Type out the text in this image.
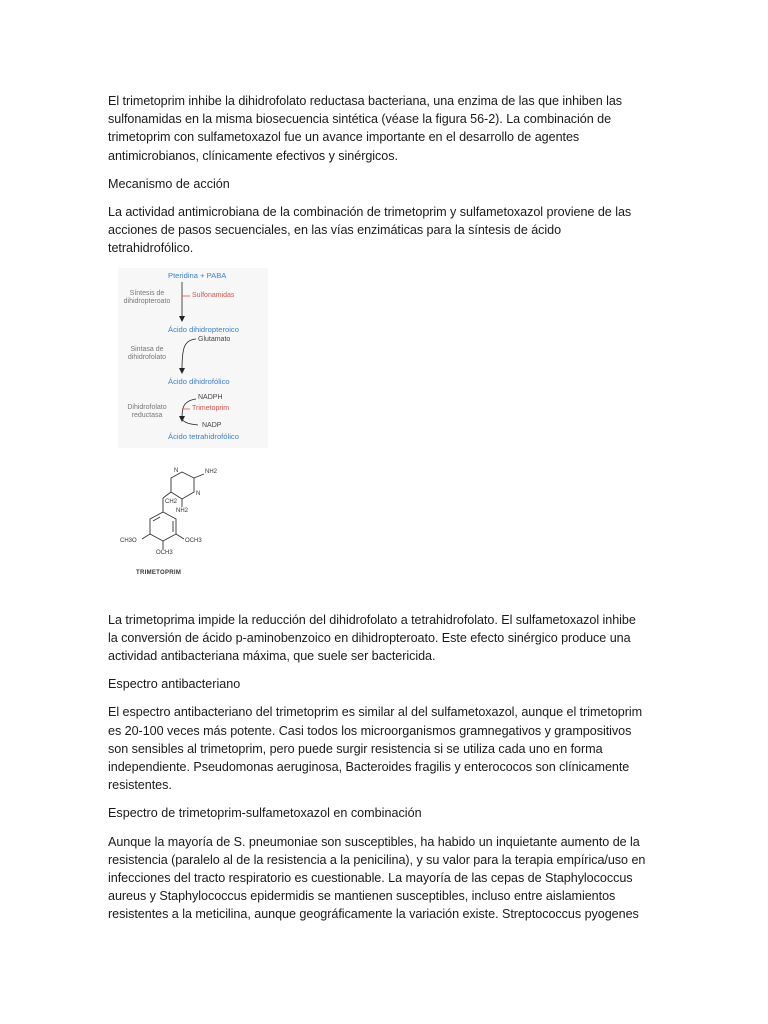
El trimetoprim inhibe la dihidrofolato reductasa bacteriana, una enzima de las que inhiben las sulfonamidas en la misma biosecuencia sintética (véase la figura 56-2). La combinación de trimetoprim con sulfametoxazol fue un avance importante en el desarrollo de agentes antimicrobianos, clínicamente efectivos y sinérgicos.

Mecanismo de acción

La actividad antimicrobiana de la combinación de trimetoprim y sulfametoxazol proviene de las acciones de pasos secuenciales, en las vías enzimáticas para la síntesis de ácido tetrahidrofólico.

Pteridina + PABA
Síntesis de dihidropteroato
Sulfonamidas
Ácido dihidropteroico
Glutamato
Sintasa de dihidrofolato
Ácido dihidrofólico
NADPH
Dihidrofolato reductasa
Trimetoprim
NADP
Ácido tetrahidrofólico
N
N
NH2
NH2
CH2
CH3O	OCH3
OCH3
TRIMETOPRIM

La trimetoprima impide la reducción del dihidrofolato a tetrahidrofolato. El sulfametoxazol inhibe la conversión de ácido p-aminobenzoico en dihidropteroato. Este efecto sinérgico produce una actividad antibacteriana máxima, que suele ser bactericida.

Espectro antibacteriano

El espectro antibacteriano del trimetoprim es similar al del sulfametoxazol, aunque el trimetoprim es 20-100 veces más potente. Casi todos los microorganismos gramnegativos y grampositivos son sensibles al trimetoprim, pero puede surgir resistencia si se utiliza cada uno en forma independiente. Pseudomonas aeruginosa, Bacteroides fragilis y enterococos son clínicamente resistentes.

Espectro de trimetoprim-sulfametoxazol en combinación

Aunque la mayoría de S. pneumoniae son susceptibles, ha habido un inquietante aumento de la resistencia (paralelo al de la resistencia a la penicilina), y su valor para la terapia empírica/uso en infecciones del tracto respiratorio es cuestionable. La mayoría de las cepas de Staphylococcus aureus y Staphylococcus epidermidis se mantienen susceptibles, incluso entre aislamientos resistentes a la meticilina, aunque geográficamente la variación existe. Streptococcus pyogenes
